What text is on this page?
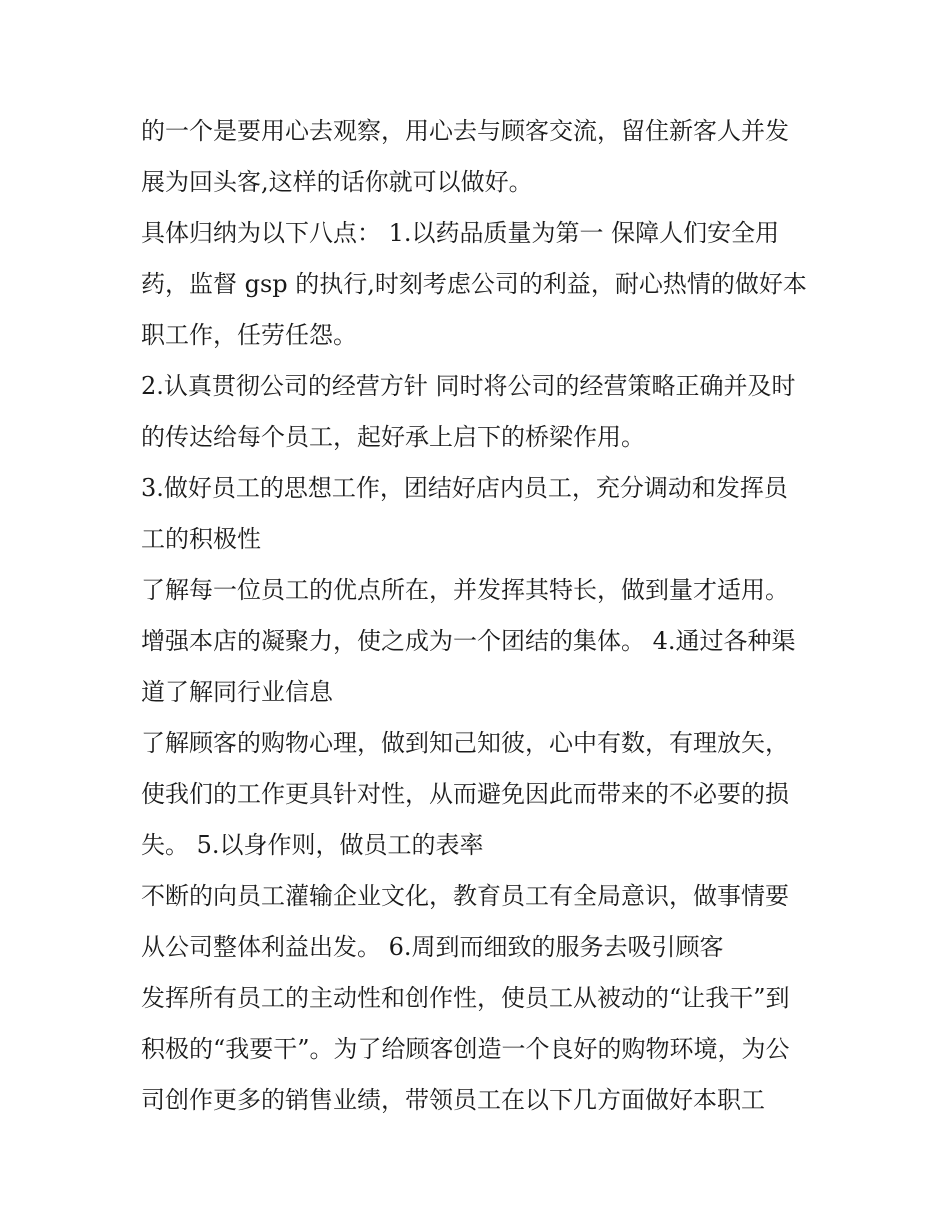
的一个是要用心去观察，用心去与顾客交流，留住新客人并发
展为回头客,这样的话你就可以做好。
具体归纳为以下八点： 1.以药品质量为第一 保障人们安全用
药，监督 gsp 的执行,时刻考虑公司的利益，耐心热情的做好本
职工作，任劳任怨。
2.认真贯彻公司的经营方针 同时将公司的经营策略正确并及时
的传达给每个员工，起好承上启下的桥梁作用。
3.做好员工的思想工作，团结好店内员工，充分调动和发挥员
工的积极性
了解每一位员工的优点所在，并发挥其特长，做到量才适用。
增强本店的凝聚力，使之成为一个团结的集体。 4.通过各种渠
道了解同行业信息
了解顾客的购物心理，做到知己知彼，心中有数，有理放矢，
使我们的工作更具针对性，从而避免因此而带来的不必要的损
失。 5.以身作则，做员工的表率
不断的向员工灌输企业文化，教育员工有全局意识，做事情要
从公司整体利益出发。 6.周到而细致的服务去吸引顾客
发挥所有员工的主动性和创作性，使员工从被动的“让我干”到
积极的“我要干”。为了给顾客创造一个良好的购物环境，为公
司创作更多的销售业绩，带领员工在以下几方面做好本职工
